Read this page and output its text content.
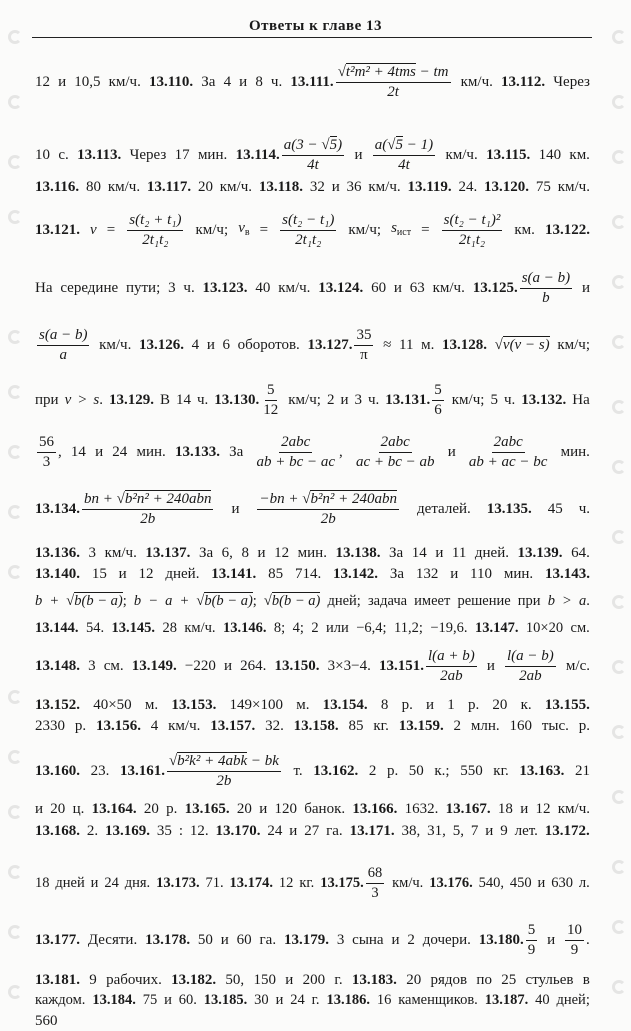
Ответы к главе 13
12 и 10,5 км/ч. 13.110. За 4 и 8 ч. 13.111. $\frac{\text{√t²m² + 4tms − tm}}{2t} км/ч$. 13.112. Через
10 с. 13.113. Через 17 мин. 13.114. $\frac{a(3 - √5)}{4t}$ и $\frac{a(√5 - 1)}{4t} км/ч$. 13.115. 140 км.
13.116. 80 км/ч. 13.117. 20 км/ч. 13.118. 32 и 36 км/ч. 13.119. 24. 13.120. 75 км/ч.
13.121. $v = \frac{\text{s(t₂ + t₁)}}{\text{2t₁t₂}} км/ч$; $v_в = \frac{\text{s(t₂ − t₁)}}{\text{2t₁t₂}} км/ч$; $s_{ист} = \frac{\text{s(t₂ − t₁)²}}{\text{2t₁t₂}}$ км. 13.122.
На середине пути; 3 ч. 13.123. 40 км/ч. 13.124. 60 и 63 км/ч. 13.125. $\frac{s(a - b)}{b}$ и
$\frac{s(a - b)}{a} км/ч$. 13.126. 4 и 6 оборотов. 13.127. $\frac{35}{\pi} \approx 11$ м. 13.128. √v(v − s) км/ч;
при v > s. 13.129. В 14 ч. 13.130. $\frac{5}{12} км/ч$; 2 и 3 ч. 13.131. $\frac{5}{6} км/ч$; 5 ч. 13.132. На
$\frac{56}{3}$ , 14 и 24 мин. 13.133. За $\frac{\text{2abc}}{ab + bc - ac}$ , $\frac{\text{2abc}}{ac + bc - ab}$ и $\frac{\text{2abc}}{ab + ac - bc}$ мин.
13.134. $\frac{\text{bn + √b²n² + 240abn}}{2b}$ и $\frac{\text{−bn + √b²n² + 240abn}}{2b}$ деталей. 13.135. 45 ч.
13.136. 3 км/ч. 13.137. За 6, 8 и 12 мин. 13.138. За 14 и 11 дней. 13.139. 64.
13.140. 15 и 12 дней. 13.141. 85 714. 13.142. За 132 и 110 мин. 13.143.
b + √b(b − a); b − a + √b(b − a); √b(b − a) дней; задача имеет решение при b > a.
13.144. 54. 13.145. 28 км/ч. 13.146. 8; 4; 2 или −6,4; 11,2; −19,6. 13.147. 10×20 см.
13.148. 3 см. 13.149. −220 и 264. 13.150. 3×3−4. 13.151. $\frac{l(a + b)}{2ab}$ и $\frac{l(a - b)}{2ab} м/с$.
13.152. 40×50 м. 13.153. 149×100 м. 13.154. 8 р. и 1 р. 20 к. 13.155.
2330 р. 13.156. 4 км/ч. 13.157. 32. 13.158. 85 кг. 13.159. 2 млн. 160 тыс. р.
13.160. 23. 13.161. $\frac{\text{√b²k² + 4abk − bk}}{2b} т$. 13.162. 2 р. 50 к.; 550 кг. 13.163. 21
и 20 ц. 13.164. 20 р. 13.165. 20 и 120 банок. 13.166. 1632. 13.167. 18 и 12 км/ч.
13.168. 2. 13.169. 35 : 12. 13.170. 24 и 27 га. 13.171. 38, 31, 5, 7 и 9 лет. 13.172.
18 дней и 24 дня. 13.173. 71. 13.174. 12 кг. 13.175. $\frac{68}{3} км/ч$. 13.176. 540, 450 и 630 л.
13.177. Десяти. 13.178. 50 и 60 га. 13.179. 3 сына и 2 дочери. 13.180. $\frac{5}{9}$ и $\frac{10}{9}$ .
13.181. 9 рабочих. 13.182. 50, 150 и 200 г. 13.183. 20 рядов по 25 стульев в
каждом. 13.184. 75 и 60. 13.185. 30 и 24 г. 13.186. 16 каменщиков. 13.187. 40 дней;
560
